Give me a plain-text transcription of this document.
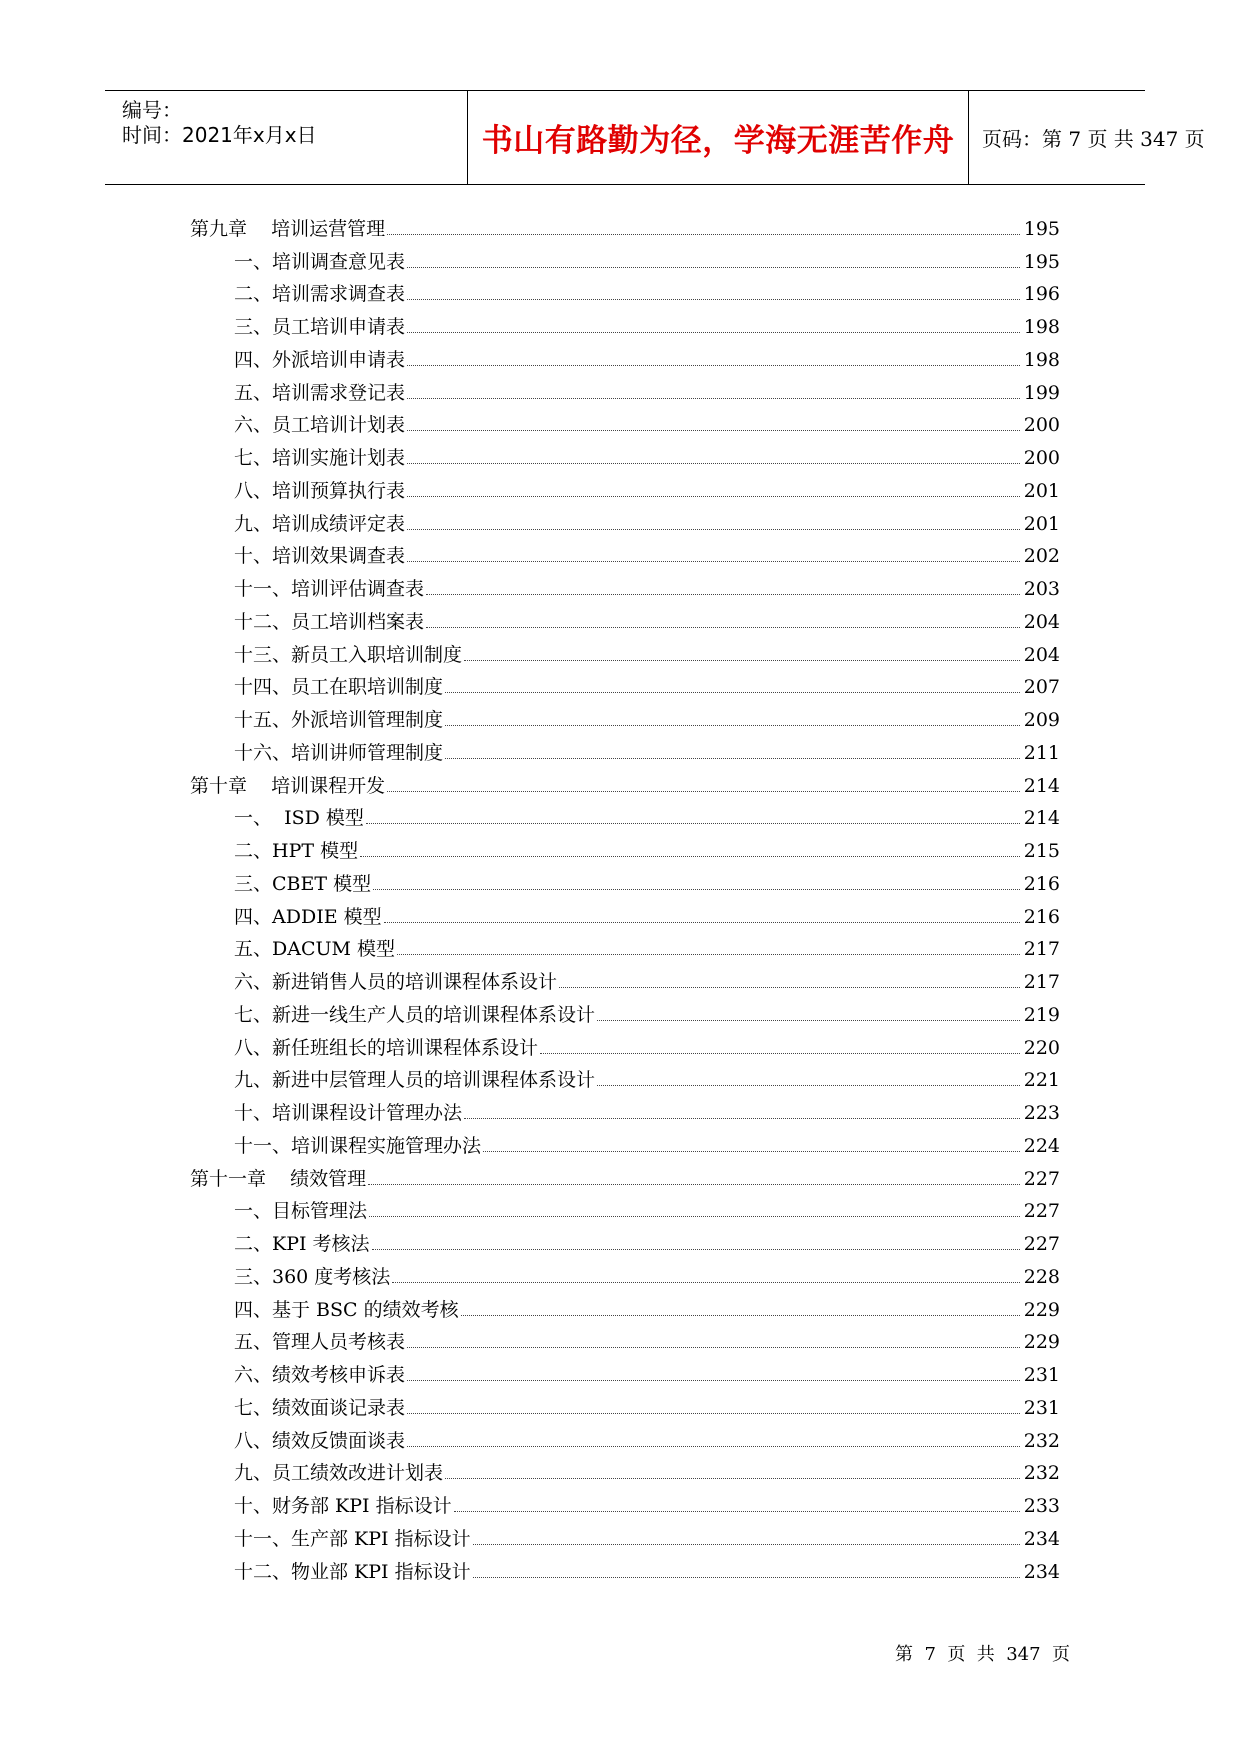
编号：
时间：2021年x月x日	书山有路勤为径，学海无涯苦作舟	页码：第 7 页 共 347 页
第九章    培训运营管理	195
一、培训调查意见表	195
二、培训需求调查表	196
三、员工培训申请表	198
四、外派培训申请表	198
五、培训需求登记表	199
六、员工培训计划表	200
七、培训实施计划表	200
八、培训预算执行表	201
九、培训成绩评定表	201
十、培训效果调查表	202
十一、培训评估调查表	203
十二、员工培训档案表	204
十三、新员工入职培训制度	204
十四、员工在职培训制度	207
十五、外派培训管理制度	209
十六、培训讲师管理制度	211
第十章    培训课程开发	214
一、  ISD 模型	214
二、HPT 模型	215
三、CBET 模型	216
四、ADDIE 模型	216
五、DACUM 模型	217
六、新进销售人员的培训课程体系设计	217
七、新进一线生产人员的培训课程体系设计	219
八、新任班组长的培训课程体系设计	220
九、新进中层管理人员的培训课程体系设计	221
十、培训课程设计管理办法	223
十一、培训课程实施管理办法	224
第十一章    绩效管理	227
一、目标管理法	227
二、KPI 考核法	227
三、360 度考核法	228
四、基于 BSC 的绩效考核	229
五、管理人员考核表	229
六、绩效考核申诉表	231
七、绩效面谈记录表	231
八、绩效反馈面谈表	232
九、员工绩效改进计划表	232
十、财务部 KPI 指标设计	233
十一、生产部 KPI 指标设计	234
十二、物业部 KPI 指标设计	234
第  7  页  共  347  页
